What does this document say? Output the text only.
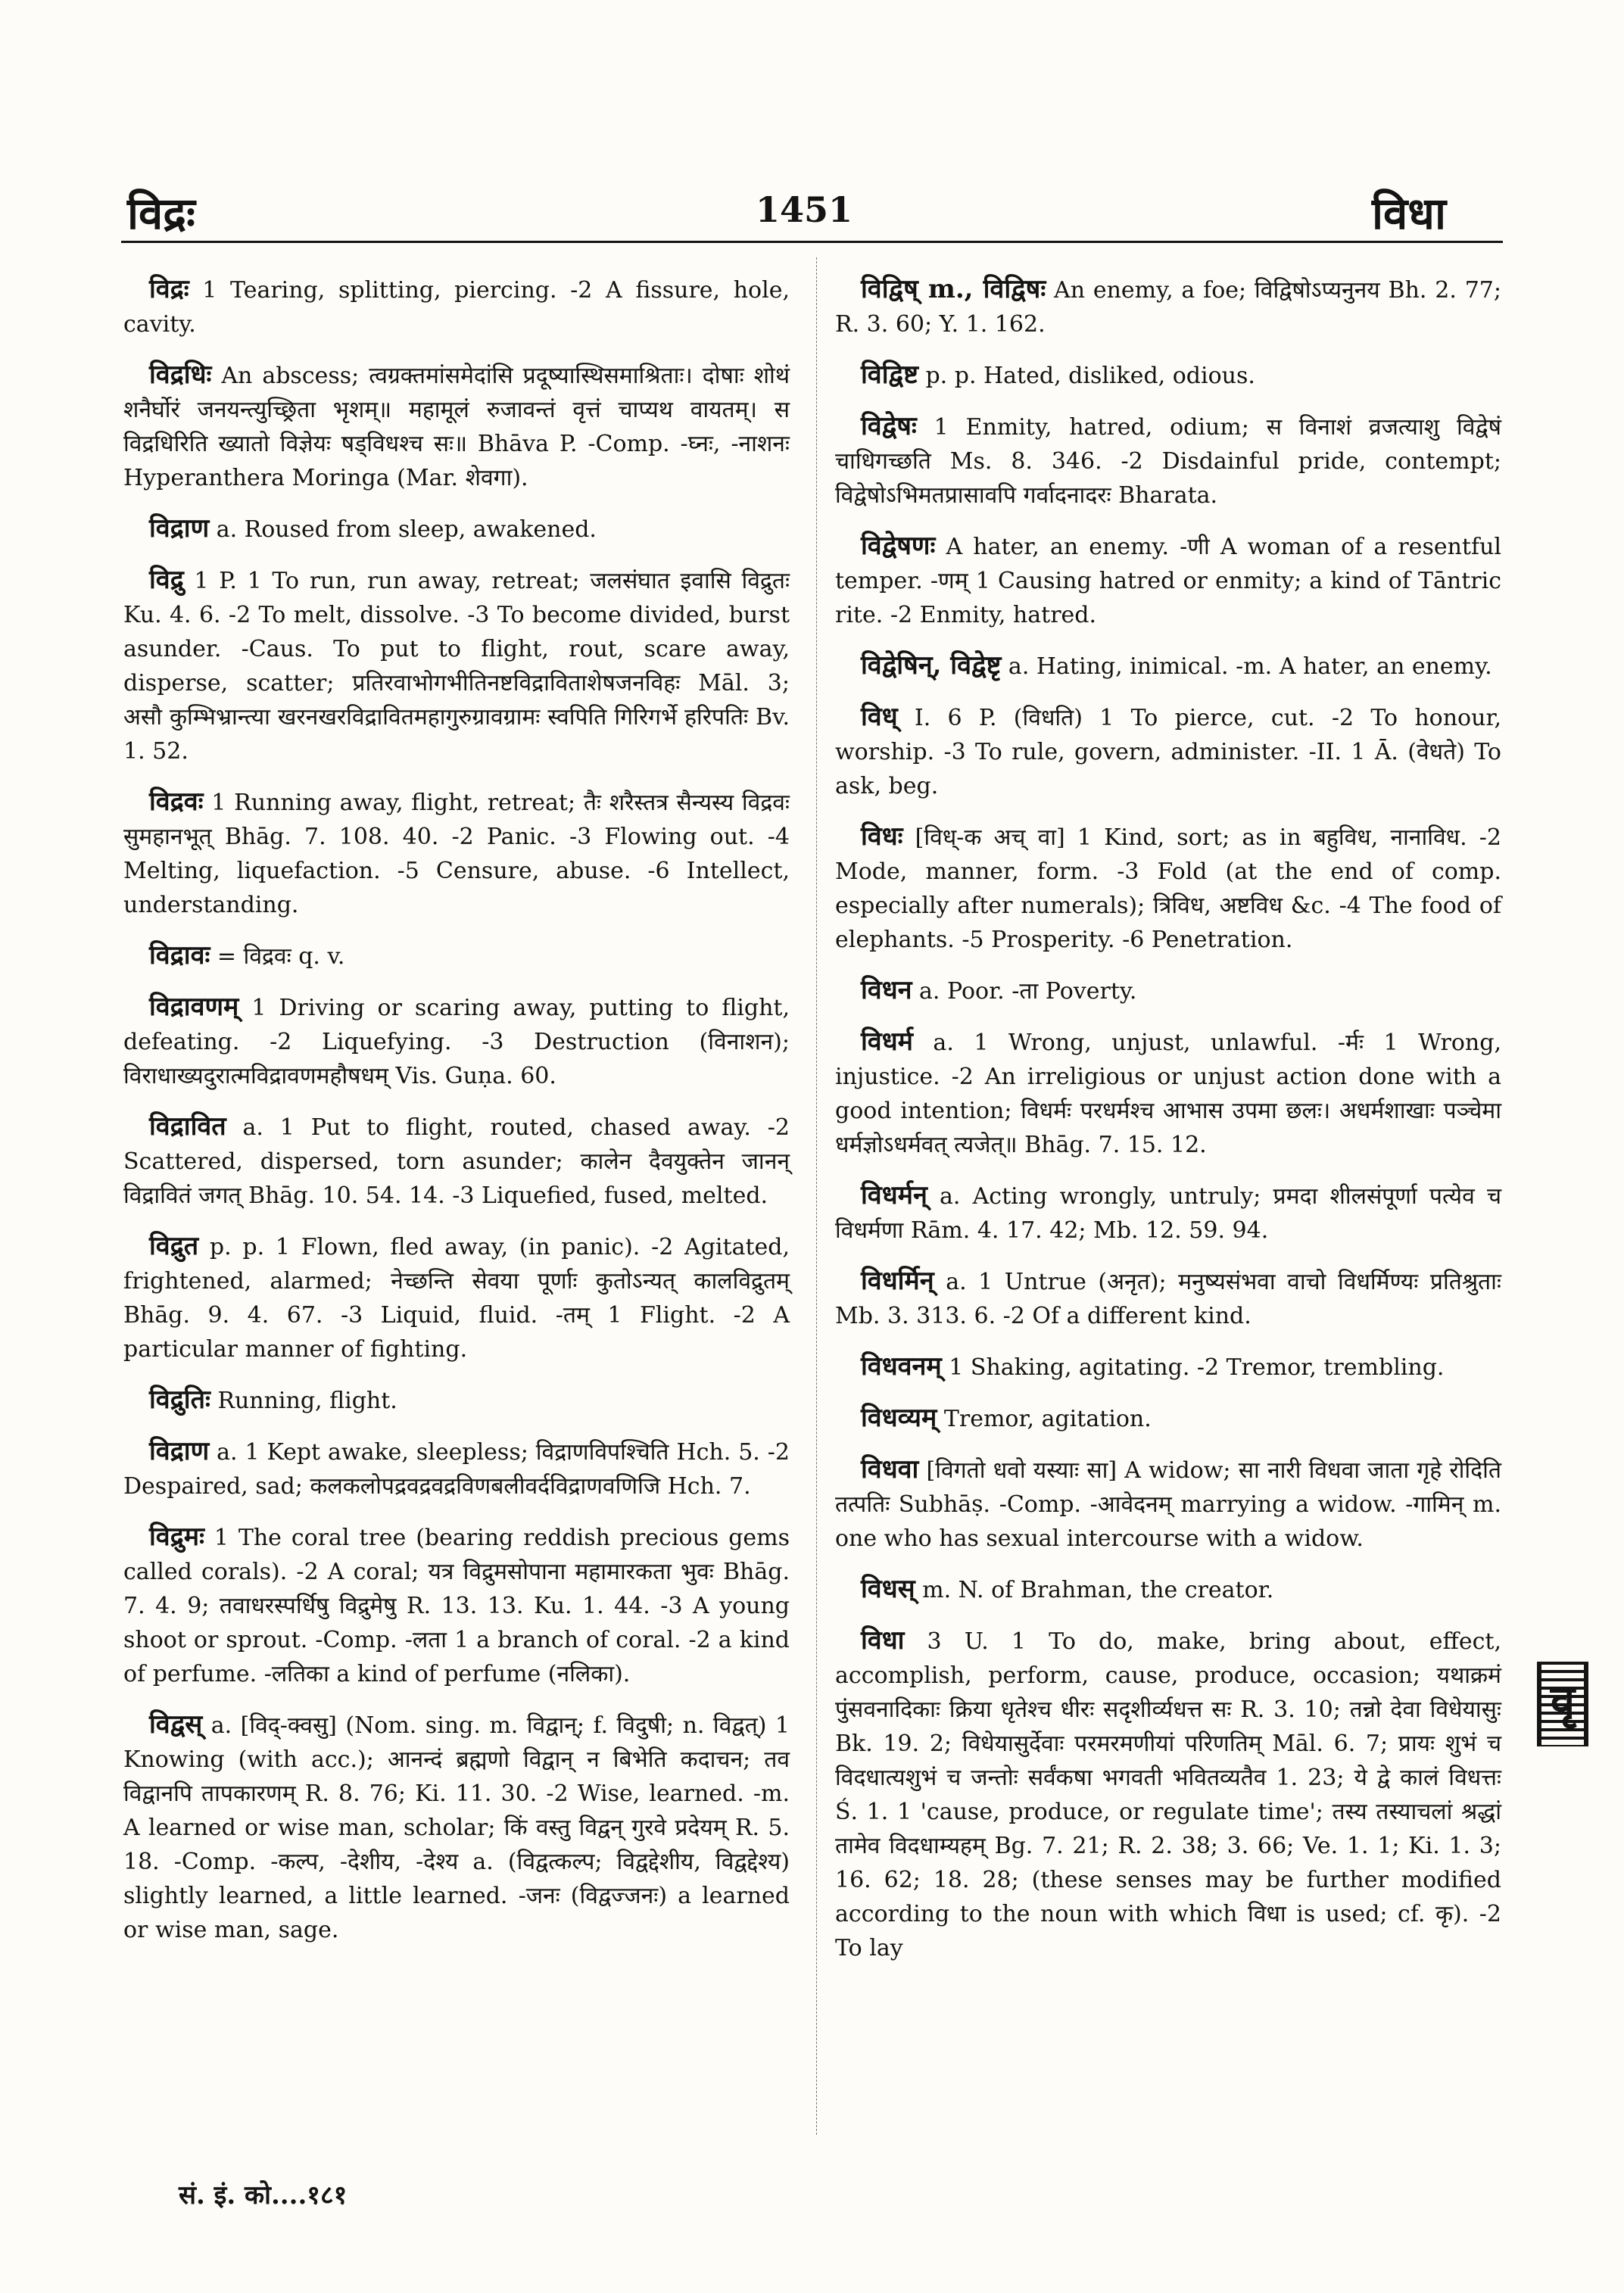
विद्रः	1451	विधा

विद्रः 1 Tearing, splitting, piercing. -2 A fissure, hole, cavity.

विद्रधिः An abscess; त्वग्रक्तमांसमेदांसि प्रदूष्यास्थिसमाश्रिताः। दोषाः शोथं शनैर्घोरं जनयन्त्युच्छ्रिता भृशम्॥ महामूलं रुजावन्तं वृत्तं चाप्यथ वायतम्। स विद्रधिरिति ख्यातो विज्ञेयः षड्विधश्च सः॥ Bhāva P. -Comp. -घ्नः, -नाशनः Hyperanthera Moringa (Mar. शेवगा).

विद्राण a. Roused from sleep, awakened.

विद्रु 1 P. 1 To run, run away, retreat; जलसंघात इवासि विद्रुतः Ku. 4. 6. -2 To melt, dissolve. -3 To become divided, burst asunder. -Caus. To put to flight, rout, scare away, disperse, scatter; प्रतिरवाभोगभीतिनष्टविद्राविताशेषजनविहः Māl. 3; असौ कुम्भिभ्रान्त्या खरनखरविद्रावितमहागुरुग्रावग्रामः स्वपिति गिरिगर्भे हरिपतिः Bv. 1. 52.

विद्रवः 1 Running away, flight, retreat; तैः शरैस्तत्र सैन्यस्य विद्रवः सुमहानभूत् Bhāg. 7. 108. 40. -2 Panic. -3 Flowing out. -4 Melting, liquefaction. -5 Censure, abuse. -6 Intellect, understanding.

विद्रावः = विद्रवः q. v.

विद्रावणम् 1 Driving or scaring away, putting to flight, defeating. -2 Liquefying. -3 Destruction (विनाशन); विराधाख्यदुरात्मविद्रावणमहौषधम् Vis. Guṇa. 60.

विद्रावित a. 1 Put to flight, routed, chased away. -2 Scattered, dispersed, torn asunder; कालेन दैवयुक्तेन जानन् विद्रावितं जगत् Bhāg. 10. 54. 14. -3 Liquefied, fused, melted.

विद्रुत p. p. 1 Flown, fled away, (in panic). -2 Agitated, frightened, alarmed; नेच्छन्ति सेवया पूर्णाः कुतोऽन्यत् कालविद्रुतम् Bhāg. 9. 4. 67. -3 Liquid, fluid. -तम् 1 Flight. -2 A particular manner of fighting.

विद्रुतिः Running, flight.

विद्राण a. 1 Kept awake, sleepless; विद्राणविपश्चिति Hch. 5. -2 Despaired, sad; कलकलोपद्रवद्रवद्रविणबलीवर्दविद्राणवणिजि Hch. 7.

विद्रुमः 1 The coral tree (bearing reddish precious gems called corals). -2 A coral; यत्र विद्रुमसोपाना महामारकता भुवः Bhāg. 7. 4. 9; तवाधरस्पर्धिषु विद्रुमेषु R. 13. 13. Ku. 1. 44. -3 A young shoot or sprout. -Comp. -लता 1 a branch of coral. -2 a kind of perfume. -लतिका a kind of perfume (नलिका).

विद्वस् a. [विद्-क्वसु] (Nom. sing. m. विद्वान्; f. विदुषी; n. विद्वत्) 1 Knowing (with acc.); आनन्दं ब्रह्मणो विद्वान् न बिभेति कदाचन; तव विद्वानपि तापकारणम् R. 8. 76; Ki. 11. 30. -2 Wise, learned. -m. A learned or wise man, scholar; किं वस्तु विद्वन् गुरवे प्रदेयम् R. 5. 18. -Comp. -कल्प, -देशीय, -देश्य a. (विद्वत्कल्प; विद्वद्देशीय, विद्वद्देश्य) slightly learned, a little learned. -जनः (विद्वज्जनः) a learned or wise man, sage.

विद्विष् m., विद्विषः An enemy, a foe; विद्विषोऽप्यनुनय Bh. 2. 77; R. 3. 60; Y. 1. 162.

विद्विष्ट p. p. Hated, disliked, odious.

विद्वेषः 1 Enmity, hatred, odium; स विनाशं व्रजत्याशु विद्वेषं चाधिगच्छति Ms. 8. 346. -2 Disdainful pride, contempt; विद्वेषोऽभिमतप्रासावपि गर्वादनादरः Bharata.

विद्वेषणः A hater, an enemy. -णी A woman of a resentful temper. -णम् 1 Causing hatred or enmity; a kind of Tāntric rite. -2 Enmity, hatred.

विद्वेषिन्, विद्वेष्टृ a. Hating, inimical. -m. A hater, an enemy.

विध् I. 6 P. (विधति) 1 To pierce, cut. -2 To honour, worship. -3 To rule, govern, administer. -II. 1 Ā. (वेधते) To ask, beg.

विधः [विध्-क अच् वा] 1 Kind, sort; as in बहुविध, नानाविध. -2 Mode, manner, form. -3 Fold (at the end of comp. especially after numerals); त्रिविध, अष्टविध &c. -4 The food of elephants. -5 Prosperity. -6 Penetration.

विधन a. Poor. -ता Poverty.

विधर्म a. 1 Wrong, unjust, unlawful. -र्मः 1 Wrong, injustice. -2 An irreligious or unjust action done with a good intention; विधर्मः परधर्मश्च आभास उपमा छलः। अधर्मशाखाः पञ्चेमा धर्मज्ञोऽधर्मवत् त्यजेत्॥ Bhāg. 7. 15. 12.

विधर्मन् a. Acting wrongly, untruly; प्रमदा शीलसंपूर्णा पत्येव च विधर्मणा Rām. 4. 17. 42; Mb. 12. 59. 94.

विधर्मिन् a. 1 Untrue (अनृत); मनुष्यसंभवा वाचो विधर्मिण्यः प्रतिश्रुताः Mb. 3. 313. 6. -2 Of a different kind.

विधवनम् 1 Shaking, agitating. -2 Tremor, trembling.

विधव्यम् Tremor, agitation.

विधवा [विगतो धवो यस्याः सा] A widow; सा नारी विधवा जाता गृहे रोदिति तत्पतिः Subhāṣ. -Comp. -आवेदनम् marrying a widow. -गामिन् m. one who has sexual intercourse with a widow.

विधस् m. N. of Brahman, the creator.

विधा 3 U. 1 To do, make, bring about, effect, accomplish, perform, cause, produce, occasion; यथाक्रमं पुंसवनादिकाः क्रिया धृतेश्च धीरः सदृशीर्व्यधत्त सः R. 3. 10; तन्नो देवा विधेयासुः Bk. 19. 2; विधेयासुर्देवाः परमरमणीयां परिणतिम् Māl. 6. 7; प्रायः शुभं च विदधात्यशुभं च जन्तोः सर्वंकषा भगवती भवितव्यतैव 1. 23; ये द्वे कालं विधत्तः Ś. 1. 1 'cause, produce, or regulate time'; तस्य तस्याचलां श्रद्धां तामेव विदधाम्यहम् Bg. 7. 21; R. 2. 38; 3. 66; Ve. 1. 1; Ki. 1. 3; 16. 62; 18. 28; (these senses may be further modified according to the noun with which विधा is used; cf. कृ). -2 To lay

सं. इं. को....१८१
वृ
